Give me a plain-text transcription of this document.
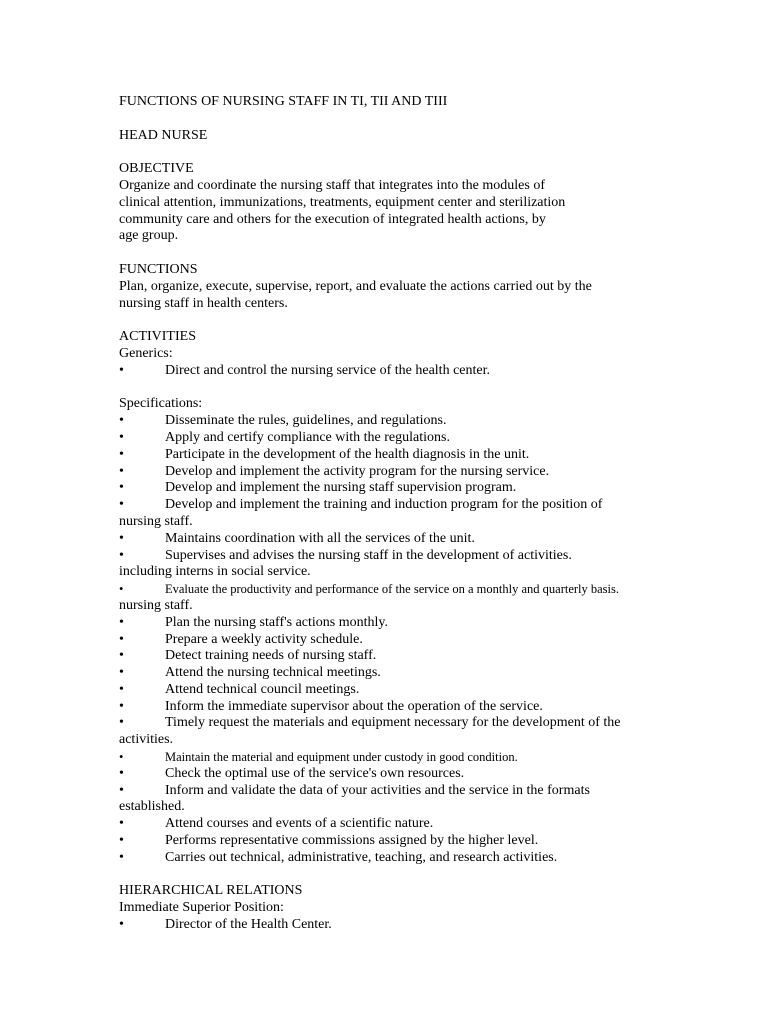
FUNCTIONS OF NURSING STAFF IN TI, TII AND TIII

HEAD NURSE

OBJECTIVE

Organize and coordinate the nursing staff that integrates into the modules of

clinical attention, immunizations, treatments, equipment center and sterilization

community care and others for the execution of integrated health actions, by

age group.

FUNCTIONS

Plan, organize, execute, supervise, report, and evaluate the actions carried out by the

nursing staff in health centers.

ACTIVITIES

Generics:

•	Direct and control the nursing service of the health center.

Specifications:

•	Disseminate the rules, guidelines, and regulations.
•	Apply and certify compliance with the regulations.
•	Participate in the development of the health diagnosis in the unit.
•	Develop and implement the activity program for the nursing service.
•	Develop and implement the nursing staff supervision program.
•	Develop and implement the training and induction program for the position of

nursing staff.

•	Maintains coordination with all the services of the unit.
•	Supervises and advises the nursing staff in the development of activities.

including interns in social service.

•	Evaluate the productivity and performance of the service on a monthly and quarterly basis.

nursing staff.

•	Plan the nursing staff's actions monthly.
•	Prepare a weekly activity schedule.
•	Detect training needs of nursing staff.
•	Attend the nursing technical meetings.
•	Attend technical council meetings.
•	Inform the immediate supervisor about the operation of the service.
•	Timely request the materials and equipment necessary for the development of the

activities.

•	Maintain the material and equipment under custody in good condition.
•	Check the optimal use of the service's own resources.
•	Inform and validate the data of your activities and the service in the formats

established.

•	Attend courses and events of a scientific nature.
•	Performs representative commissions assigned by the higher level.
•	Carries out technical, administrative, teaching, and research activities.

HIERARCHICAL RELATIONS

Immediate Superior Position:

•	Director of the Health Center.
